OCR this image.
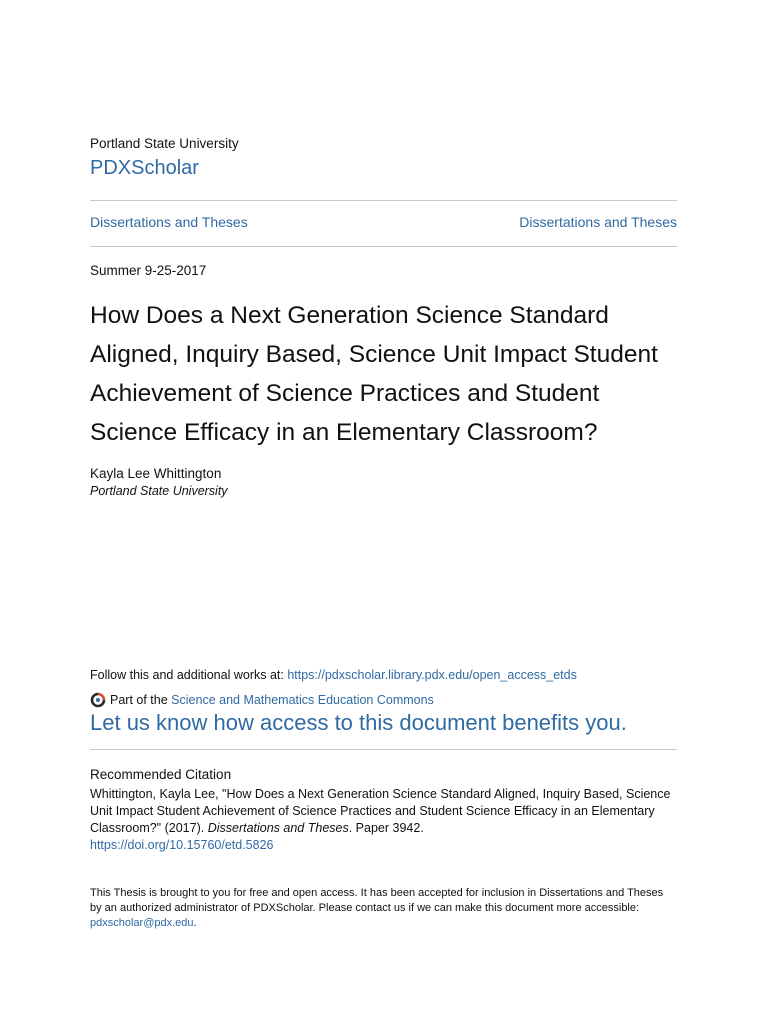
Portland State University
PDXScholar
Dissertations and Theses	Dissertations and Theses
Summer 9-25-2017
How Does a Next Generation Science Standard Aligned, Inquiry Based, Science Unit Impact Student Achievement of Science Practices and Student Science Efficacy in an Elementary Classroom?
Kayla Lee Whittington
Portland State University
Follow this and additional works at: https://pdxscholar.library.pdx.edu/open_access_etds
Part of the
Science and Mathematics Education Commons
Let us know how access to this document benefits you.
Recommended Citation
Whittington, Kayla Lee, "How Does a Next Generation Science Standard Aligned, Inquiry Based, Science Unit Impact Student Achievement of Science Practices and Student Science Efficacy in an Elementary Classroom?" (2017). Dissertations and Theses. Paper 3942.
https://doi.org/10.15760/etd.5826
This Thesis is brought to you for free and open access. It has been accepted for inclusion in Dissertations and Theses by an authorized administrator of PDXScholar. Please contact us if we can make this document more accessible: pdxscholar@pdx.edu.
